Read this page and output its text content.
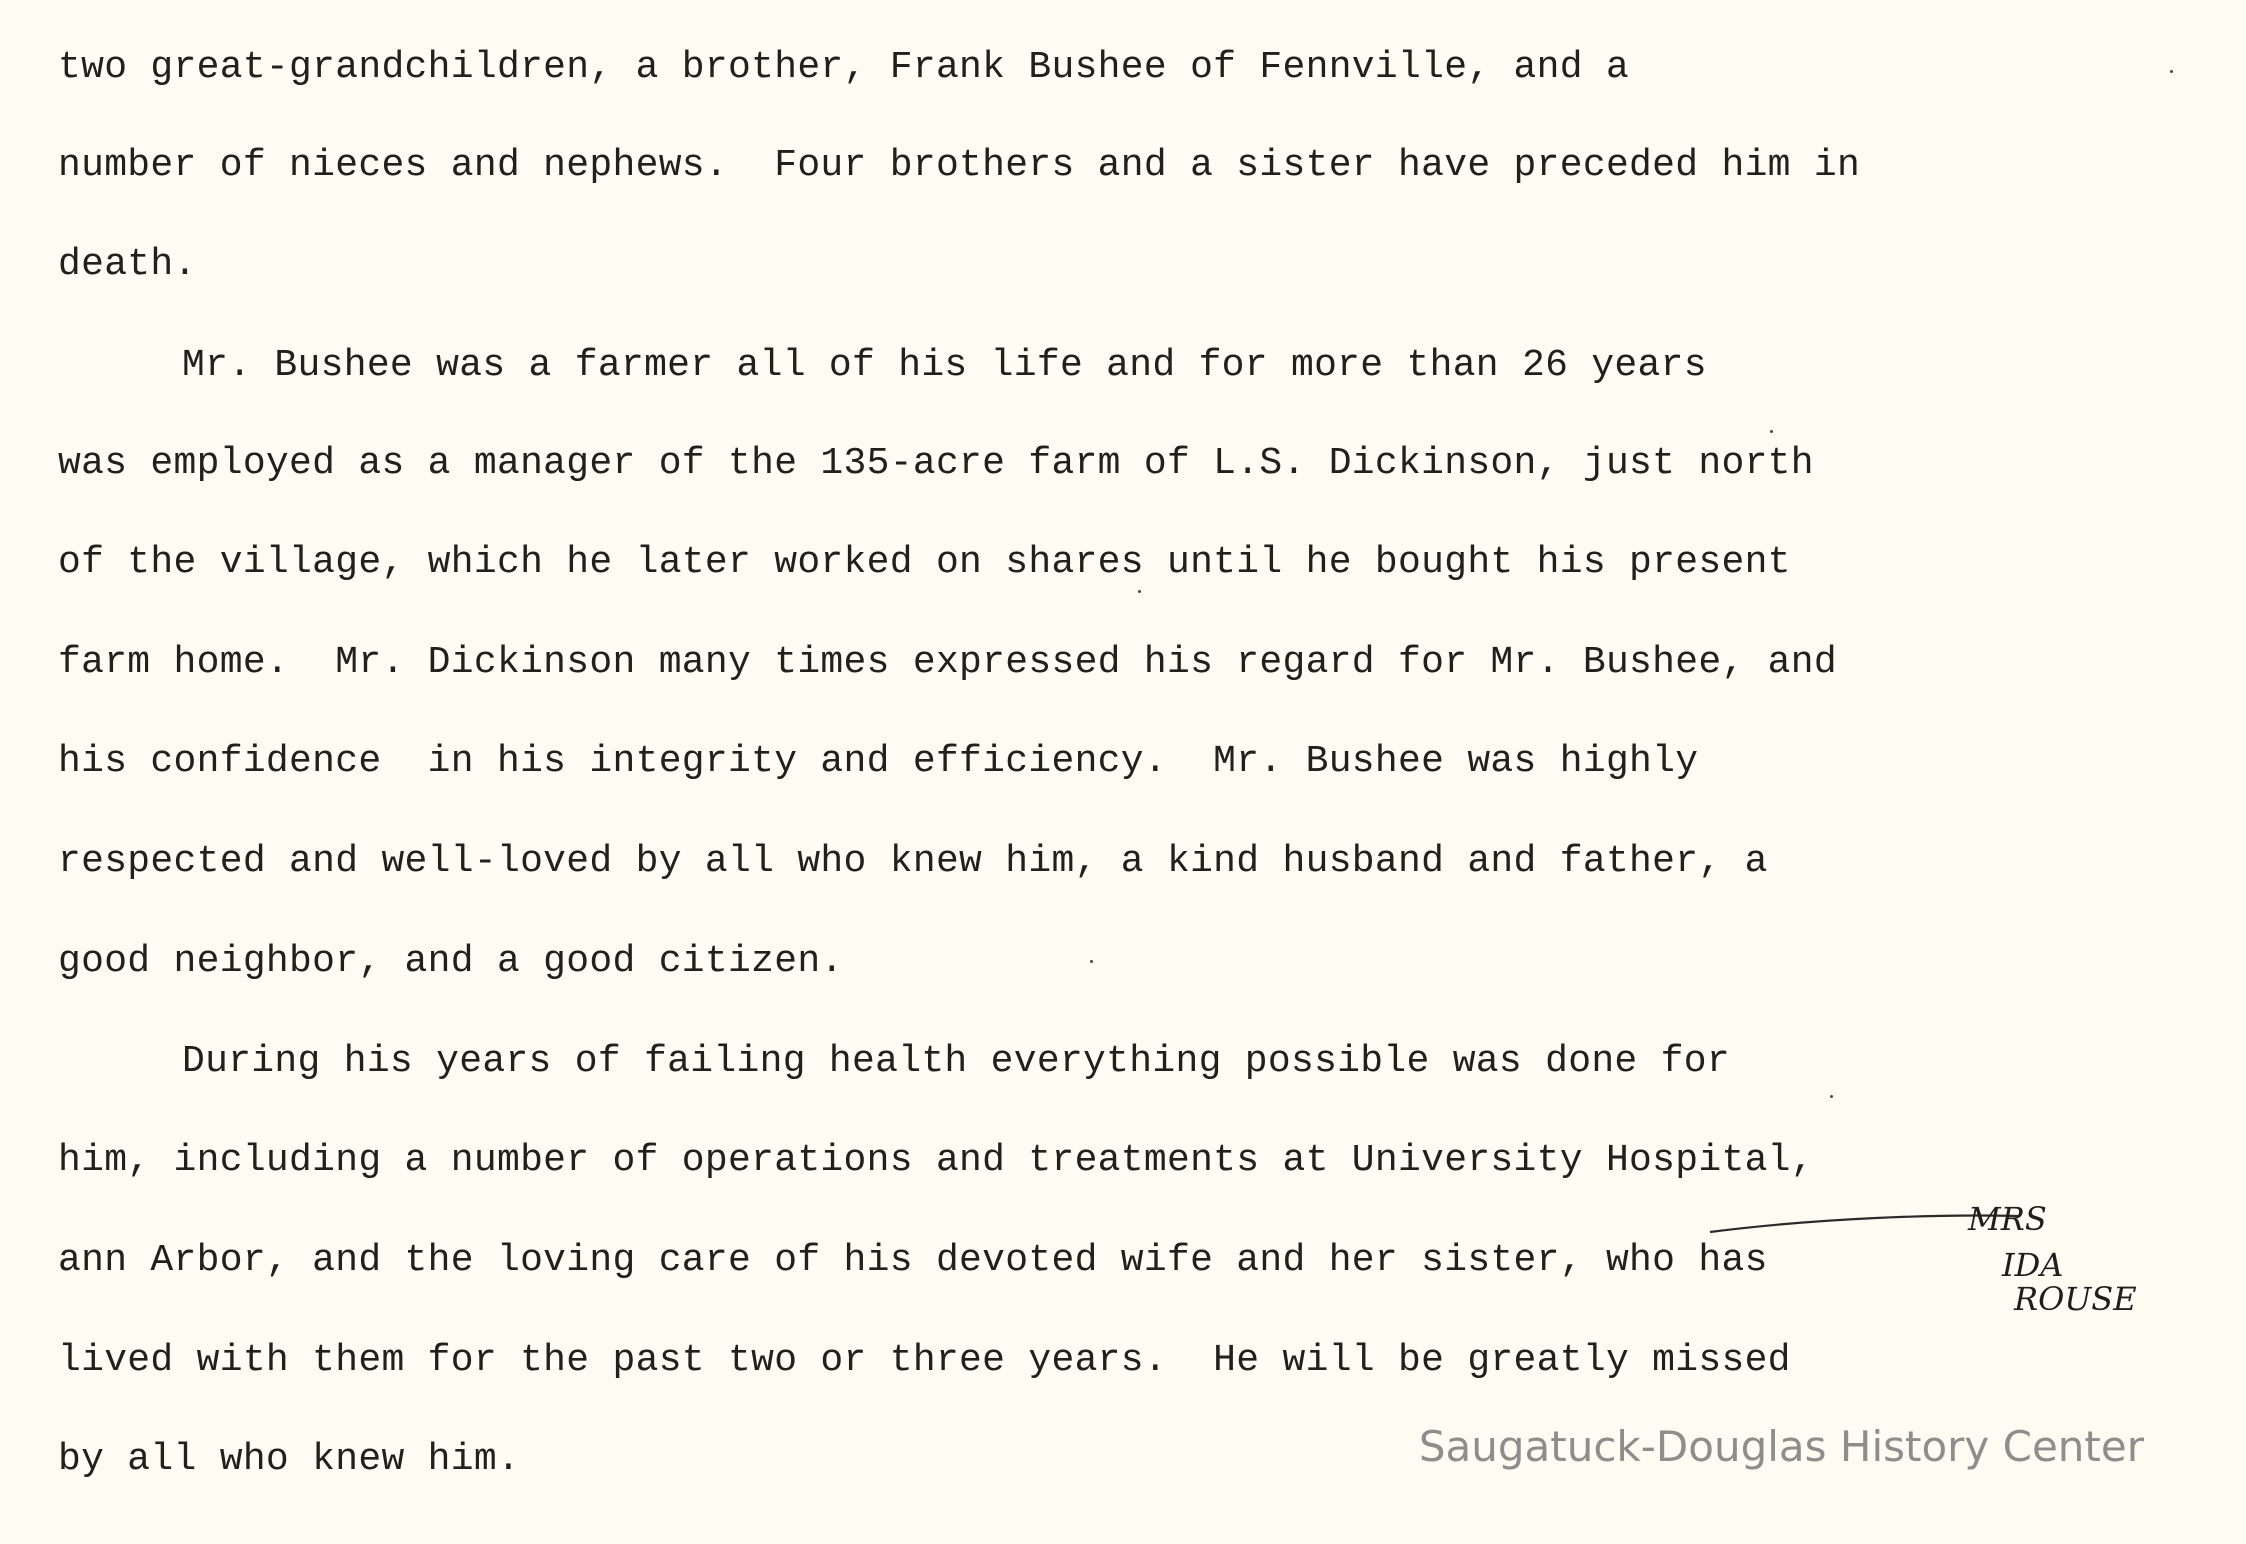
two great-grandchildren, a brother, Frank Bushee of Fennville, and a

number of nieces and nephews.  Four brothers and a sister have preceded him in

death.

Mr. Bushee was a farmer all of his life and for more than 26 years

was employed as a manager of the 135-acre farm of L.S. Dickinson, just north

of the village, which he later worked on shares until he bought his present

farm home.  Mr. Dickinson many times expressed his regard for Mr. Bushee, and

his confidence  in his integrity and efficiency.  Mr. Bushee was highly

respected and well-loved by all who knew him, a kind husband and father, a

good neighbor, and a good citizen.

During his years of failing health everything possible was done for

him, including a number of operations and treatments at University Hospital,

ann Arbor, and the loving care of his devoted wife and her sister, who has

lived with them for the past two or three years.  He will be greatly missed

by all who knew him.

MRS
IDA
ROUSE
Saugatuck-Douglas History Center
